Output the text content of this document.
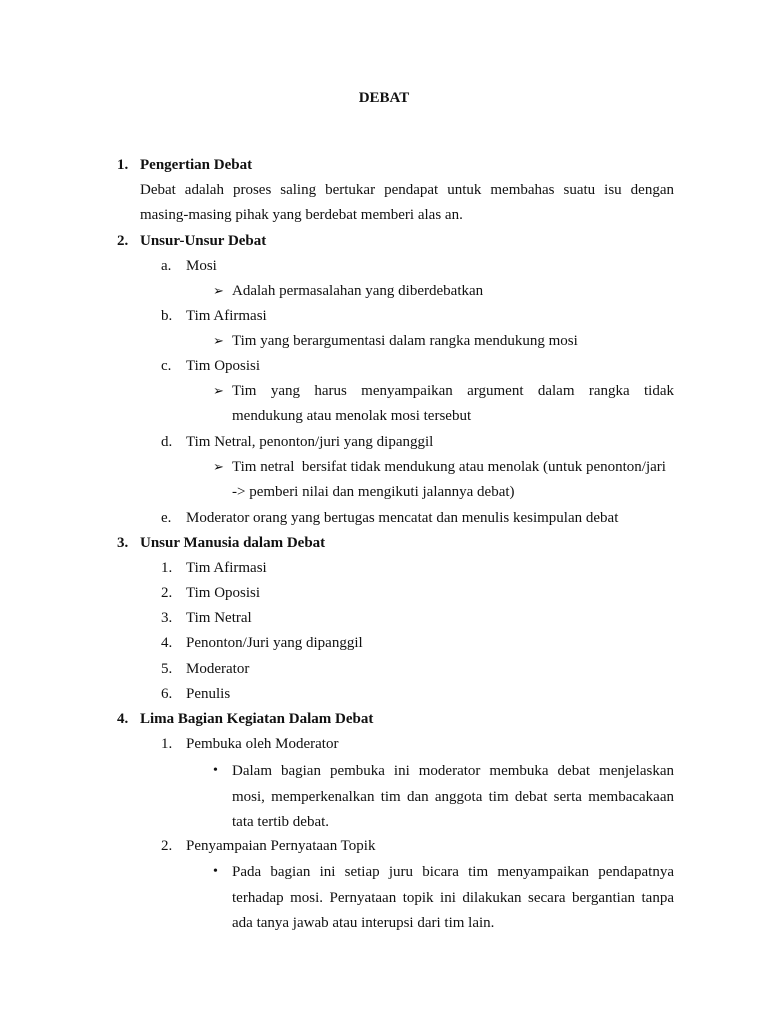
DEBAT
1. Pengertian Debat
Debat adalah proses saling bertukar pendapat untuk membahas suatu isu dengan
masing-masing pihak yang berdebat memberi alas an.
2. Unsur-Unsur Debat
a. Mosi
➢ Adalah permasalahan yang diberdebatkan
b. Tim Afirmasi
➢ Tim yang berargumentasi dalam rangka mendukung mosi
c. Tim Oposisi
➢ Tim yang harus menyampaikan argument dalam rangka tidak
mendukung atau menolak mosi tersebut
d. Tim Netral, penonton/juri yang dipanggil
➢ Tim netral  bersifat tidak mendukung atau menolak (untuk penonton/jari
-> pemberi nilai dan mengikuti jalannya debat)
e. Moderator orang yang bertugas mencatat dan menulis kesimpulan debat
3. Unsur Manusia dalam Debat
1. Tim Afirmasi
2. Tim Oposisi
3. Tim Netral
4. Penonton/Juri yang dipanggil
5. Moderator
6. Penulis
4. Lima Bagian Kegiatan Dalam Debat
1. Pembuka oleh Moderator
• Dalam bagian pembuka ini moderator membuka debat menjelaskan
mosi, memperkenalkan tim dan anggota tim debat serta membacakaan
tata tertib debat.
2. Penyampaian Pernyataan Topik
• Pada bagian ini setiap juru bicara tim menyampaikan pendapatnya
terhadap mosi. Pernyataan topik ini dilakukan secara bergantian tanpa
ada tanya jawab atau interupsi dari tim lain.
